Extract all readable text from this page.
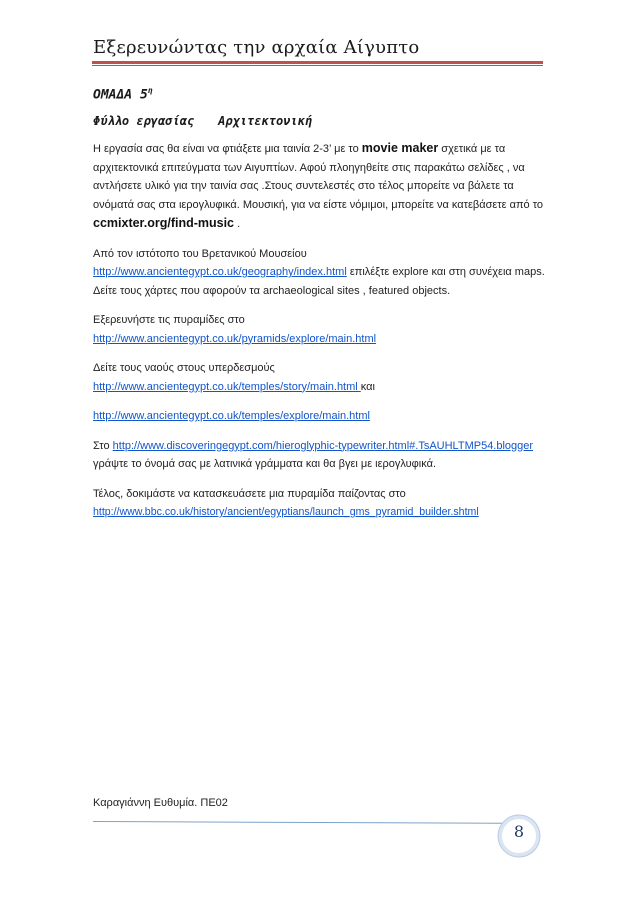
Εξερευνώντας την αρχαία Αίγυπτο
ΟΜΑΔΑ $5^\eta$
Φύλλο εργασίας Αρχιτεκτονική

Η εργασία σας θα είναι να φτιάξετε μια ταινία 2-3’ με το movie maker σχετικά με τα αρχιτεκτονικά επιτεύγματα των Αιγυπτίων. Αφού πλοηγηθείτε στις παρακάτω σελίδες , να αντλήσετε υλικό για την ταινία σας .Στους συντελεστές στο τέλος μπορείτε να βάλετε τα ονόματά σας στα ιερογλυφικά. Μουσική, για να είστε νόμιμοι, μπορείτε να κατεβάσετε από το ccmixter.org/find-music .

Από τον ιστότοπο του Βρετανικού Μουσείου
http://www.ancientegypt.co.uk/geography/index.html επιλέξτε explore και στη συνέχεια maps. Δείτε τους χάρτες που αφορούν τα archaeological sites , featured objects.

Εξερευνήστε τις πυραμίδες στο
http://www.ancientegypt.co.uk/pyramids/explore/main.html

Δείτε τους ναούς στους υπερδεσμούς
http://www.ancientegypt.co.uk/temples/story/main.html και

http://www.ancientegypt.co.uk/temples/explore/main.html

Στο http://www.discoveringegypt.com/hieroglyphic-typewriter.html#.TsAUHLTMP54.blogger γράψτε το όνομά σας με λατινικά γράμματα και θα βγει με ιερογλυφικά.

Τέλος, δοκιμάστε να κατασκευάσετε μια πυραμίδα παίζοντας στο
http://www.bbc.co.uk/history/ancient/egyptians/launch_gms_pyramid_builder.shtml

Καραγιάννη Ευθυμία. ΠΕ02
8
